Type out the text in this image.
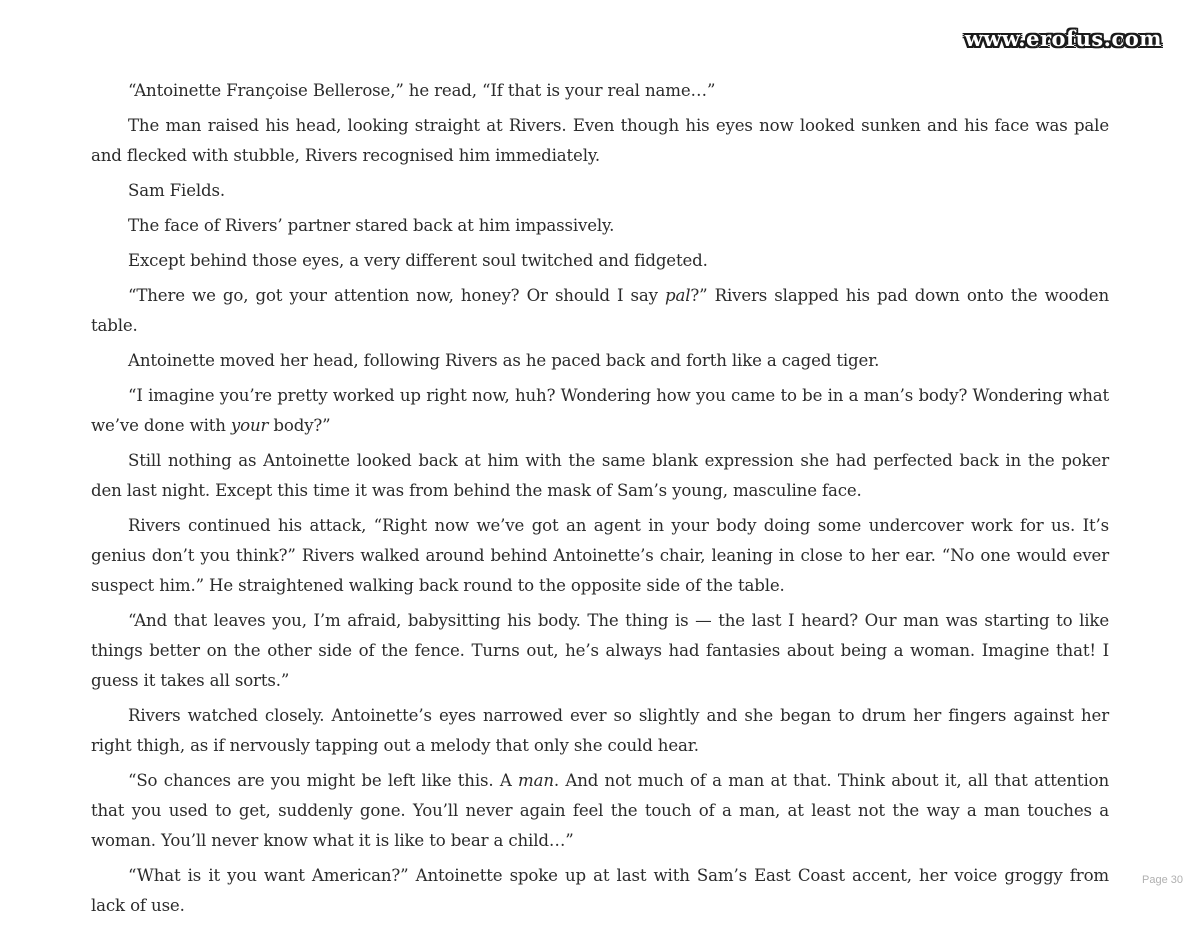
www.erofus.com

“Antoinette Françoise Bellerose,” he read, “If that is your real name…”

The man raised his head, looking straight at Rivers. Even though his eyes now looked sunken and his face was pale and flecked with stubble, Rivers recognised him immediately.

Sam Fields.

The face of Rivers’ partner stared back at him impassively.

Except behind those eyes, a very different soul twitched and fidgeted.

“There we go, got your attention now, honey? Or should I say pal?” Rivers slapped his pad down onto the wooden table.

Antoinette moved her head, following Rivers as he paced back and forth like a caged tiger.

“I imagine you’re pretty worked up right now, huh? Wondering how you came to be in a man’s body? Wondering what we’ve done with your body?”

Still nothing as Antoinette looked back at him with the same blank expression she had perfected back in the poker den last night. Except this time it was from behind the mask of Sam’s young, masculine face.

Rivers continued his attack, “Right now we’ve got an agent in your body doing some undercover work for us. It’s genius don’t you think?” Rivers walked around behind Antoinette’s chair, leaning in close to her ear. “No one would ever suspect him.” He straightened walking back round to the opposite side of the table.

“And that leaves you, I’m afraid, babysitting his body. The thing is — the last I heard? Our man was starting to like things better on the other side of the fence. Turns out, he’s always had fantasies about being a woman. Imagine that! I guess it takes all sorts.”

Rivers watched closely. Antoinette’s eyes narrowed ever so slightly and she began to drum her fingers against her right thigh, as if nervously tapping out a melody that only she could hear.

“So chances are you might be left like this. A man. And not much of a man at that. Think about it, all that attention that you used to get, suddenly gone. You’ll never again feel the touch of a man, at least not the way a man touches a woman. You’ll never know what it is like to bear a child…”

“What is it you want American?” Antoinette spoke up at last with Sam’s East Coast accent, her voice groggy from lack of use.

Page 30
